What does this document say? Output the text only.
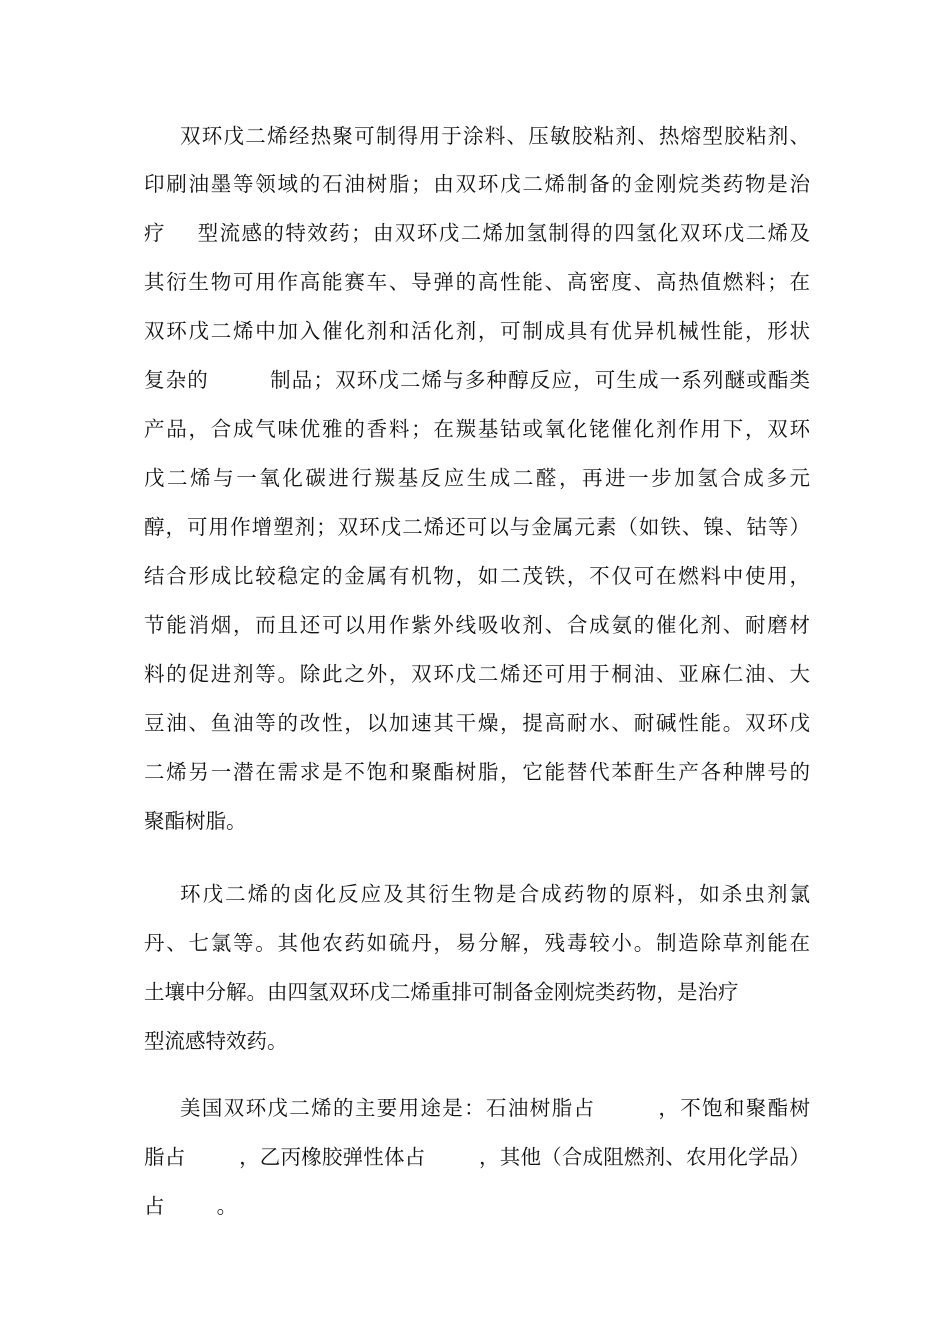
双环戊二烯经热聚可制得用于涂料、压敏胶粘剂、热熔型胶粘剂、
印刷油墨等领域的石油树脂；由双环戊二烯制备的金刚烷类药物是治
疗    型流感的特效药；由双环戊二烯加氢制得的四氢化双环戊二烯及
其衍生物可用作高能赛车、导弹的高性能、高密度、高热值燃料；在
双环戊二烯中加入催化剂和活化剂，可制成具有优异机械性能，形状
复杂的        制品；双环戊二烯与多种醇反应，可生成一系列醚或酯类
产品，合成气味优雅的香料；在羰基钴或氧化铑催化剂作用下，双环
戊二烯与一氧化碳进行羰基反应生成二醛，再进一步加氢合成多元
醇，可用作增塑剂；双环戊二烯还可以与金属元素（如铁、镍、钴等）
结合形成比较稳定的金属有机物，如二茂铁，不仅可在燃料中使用，
节能消烟，而且还可以用作紫外线吸收剂、合成氨的催化剂、耐磨材
料的促进剂等。除此之外，双环戊二烯还可用于桐油、亚麻仁油、大
豆油、鱼油等的改性，以加速其干燥，提高耐水、耐碱性能。双环戊
二烯另一潜在需求是不饱和聚酯树脂，它能替代苯酐生产各种牌号的
聚酯树脂。
环戊二烯的卤化反应及其衍生物是合成药物的原料，如杀虫剂氯
丹、七氯等。其他农药如硫丹，易分解，残毒较小。制造除草剂能在
土壤中分解。由四氢双环戊二烯重排可制备金刚烷类药物，是治疗
型流感特效药。
美国双环戊二烯的主要用途是：石油树脂占        ，不饱和聚酯树
脂占        ，乙丙橡胶弹性体占        ，其他（合成阻燃剂、农用化学品）
占        。
